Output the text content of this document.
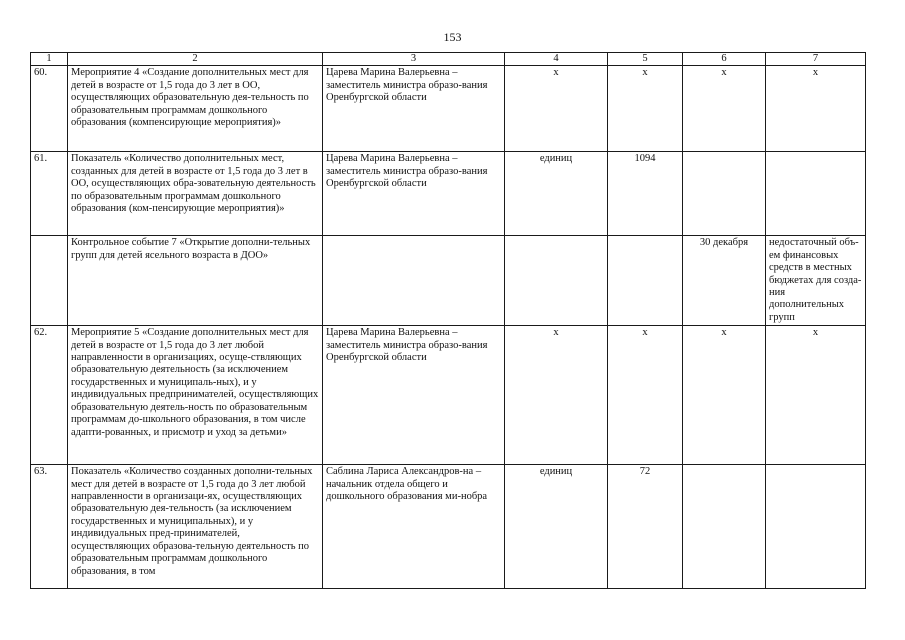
153
1	2	3	4	5	6	7
60.	Мероприятие 4 «Создание дополнительных мест для детей в возрасте от 1,5 года до 3 лет в ОО, осуществляющих образовательную дея-тельность по образовательным программам дошкольного образования (компенсирующие мероприятия)»	Царева Марина Валерьевна – заместитель министра образо-вания Оренбургской области	х	х	х	х
61.	Показатель «Количество дополнительных мест, созданных для детей в возрасте от 1,5 года до 3 лет в ОО, осуществляющих обра-зовательную деятельность по образовательным программам дошкольного образования (ком-пенсирующие мероприятия)»	Царева Марина Валерьевна – заместитель министра образо-вания Оренбургской области	единиц	1094		
	Контрольное событие 7 «Открытие дополни-тельных групп для детей ясельного возраста в ДОО»				30 декабря	недостаточный объ-ем финансовых средств в местных бюджетах для созда-ния дополнительных групп
62.	Мероприятие 5 «Создание дополнительных мест для детей в возрасте от 1,5 года до 3 лет любой направленности в организациях, осуще-ствляющих образовательную деятельность (за исключением государственных и муниципаль-ных), и у индивидуальных предпринимателей, осуществляющих образовательную деятель-ность по образовательным программам до-школьного образования, в том числе адапти-рованных, и присмотр и уход за детьми»	Царева Марина Валерьевна – заместитель министра образо-вания Оренбургской области	х	х	х	х
63.	Показатель «Количество созданных дополни-тельных мест для детей в возрасте от 1,5 года до 3 лет любой направленности в организаци-ях, осуществляющих образовательную дея-тельность (за исключением государственных и муниципальных), и у индивидуальных пред-принимателей, осуществляющих образова-тельную деятельность по образовательным программам дошкольного образования, в том	Саблина Лариса Александров-на – начальник отдела общего и дошкольного образования ми-нобра	единиц	72		
